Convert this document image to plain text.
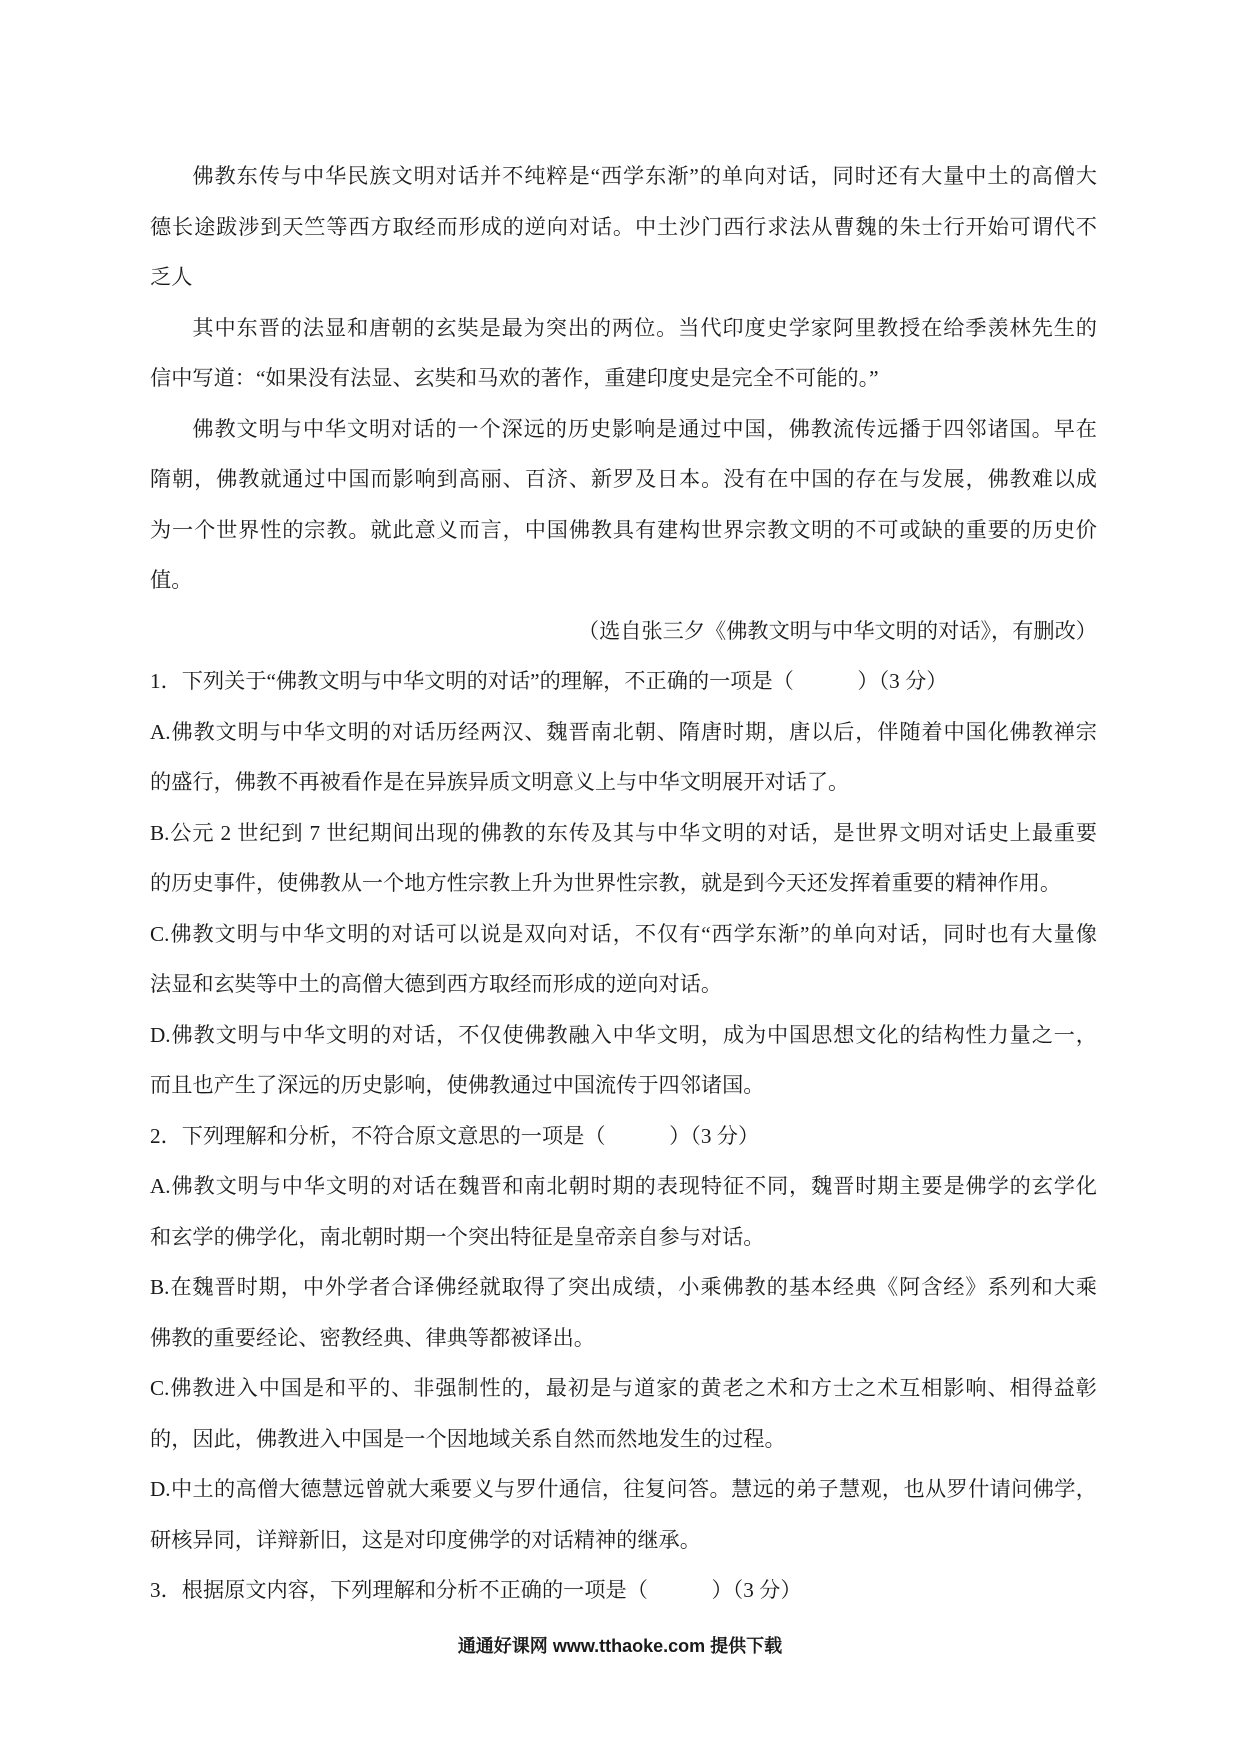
佛教东传与中华民族文明对话并不纯粹是“西学东渐”的单向对话，同时还有大量中土的高僧大
德长途跋涉到天竺等西方取经而形成的逆向对话。中土沙门西行求法从曹魏的朱士行开始可谓代不
乏人
其中东晋的法显和唐朝的玄奘是最为突出的两位。当代印度史学家阿里教授在给季羡林先生的
信中写道：“如果没有法显、玄奘和马欢的著作，重建印度史是完全不可能的。”
佛教文明与中华文明对话的一个深远的历史影响是通过中国，佛教流传远播于四邻诸国。早在
隋朝，佛教就通过中国而影响到高丽、百济、新罗及日本。没有在中国的存在与发展，佛教难以成
为一个世界性的宗教。就此意义而言，中国佛教具有建构世界宗教文明的不可或缺的重要的历史价
值。
（选自张三夕《佛教文明与中华文明的对话》，有删改）
1．下列关于“佛教文明与中华文明的对话”的理解，不正确的一项是（　　　）（3 分）
A.佛教文明与中华文明的对话历经两汉、魏晋南北朝、隋唐时期，唐以后，伴随着中国化佛教禅宗
的盛行，佛教不再被看作是在异族异质文明意义上与中华文明展开对话了。
B.公元 2 世纪到 7 世纪期间出现的佛教的东传及其与中华文明的对话，是世界文明对话史上最重要
的历史事件，使佛教从一个地方性宗教上升为世界性宗教，就是到今天还发挥着重要的精神作用。
C.佛教文明与中华文明的对话可以说是双向对话，不仅有“西学东渐”的单向对话，同时也有大量像
法显和玄奘等中土的高僧大德到西方取经而形成的逆向对话。
D.佛教文明与中华文明的对话，不仅使佛教融入中华文明，成为中国思想文化的结构性力量之一，
而且也产生了深远的历史影响，使佛教通过中国流传于四邻诸国。
2．下列理解和分析，不符合原文意思的一项是（　　　）（3 分）
A.佛教文明与中华文明的对话在魏晋和南北朝时期的表现特征不同，魏晋时期主要是佛学的玄学化
和玄学的佛学化，南北朝时期一个突出特征是皇帝亲自参与对话。
B.在魏晋时期，中外学者合译佛经就取得了突出成绩，小乘佛教的基本经典《阿含经》系列和大乘
佛教的重要经论、密教经典、律典等都被译出。
C.佛教进入中国是和平的、非强制性的，最初是与道家的黄老之术和方士之术互相影响、相得益彰
的，因此，佛教进入中国是一个因地域关系自然而然地发生的过程。
D.中土的高僧大德慧远曾就大乘要义与罗什通信，往复问答。慧远的弟子慧观，也从罗什请问佛学，
研核异同，详辩新旧，这是对印度佛学的对话精神的继承。
3．根据原文内容，下列理解和分析不正确的一项是（　　　）（3 分）
通通好课网 www.tthaoke.com 提供下载
